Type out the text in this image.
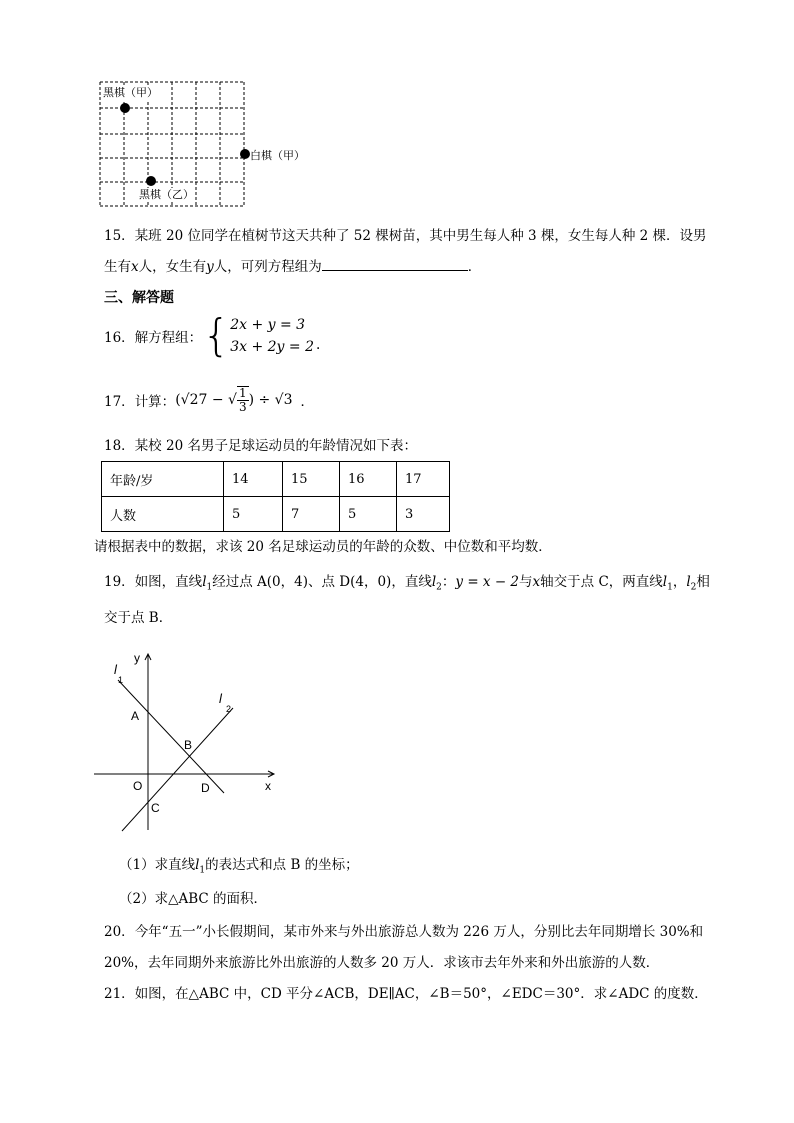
黑棋（甲）
白棋（甲）
黑棋（乙）
15．某班 20 位同学在植树节这天共种了 52 棵树苗，其中男生每人种 3 棵，女生每人种 2 棵．设男
生有x人，女生有y人，可列方程组为	．
三、解答题
16． 解方程组： { 2x + y = 3
3x + 2y = 2 .
17． 计算： (√27 − √ $\frac{1}{3}$ ) ÷ √3 ．
18．某校 20 名男子足球运动员的年龄情况如下表：
年龄/岁	14	15	16	17
人数	5	7	5	3
请根据表中的数据，求该 20 名足球运动员的年龄的众数、中位数和平均数．
19．如图，直线$l_1$经过点 A(0，4)、点 D(4，0)，直线$l_2$：y = x − 2与x轴交于点 C，两直线$l_1$，$l_2$相
交于点 B．
y
x
l
1
l
2
A
B
O
C
D
（1）求直线$l_1$的表达式和点 B 的坐标；
（2）求△ABC 的面积．
20．今年“五一”小长假期间，某市外来与外出旅游总人数为 226 万人，分别比去年同期增长 30%和
20%，去年同期外来旅游比外出旅游的人数多 20 万人．求该市去年外来和外出旅游的人数．
21．如图，在△ABC 中，CD 平分∠ACB，DE∥AC，∠B＝50°，∠EDC＝30°．求∠ADC 的度数．
